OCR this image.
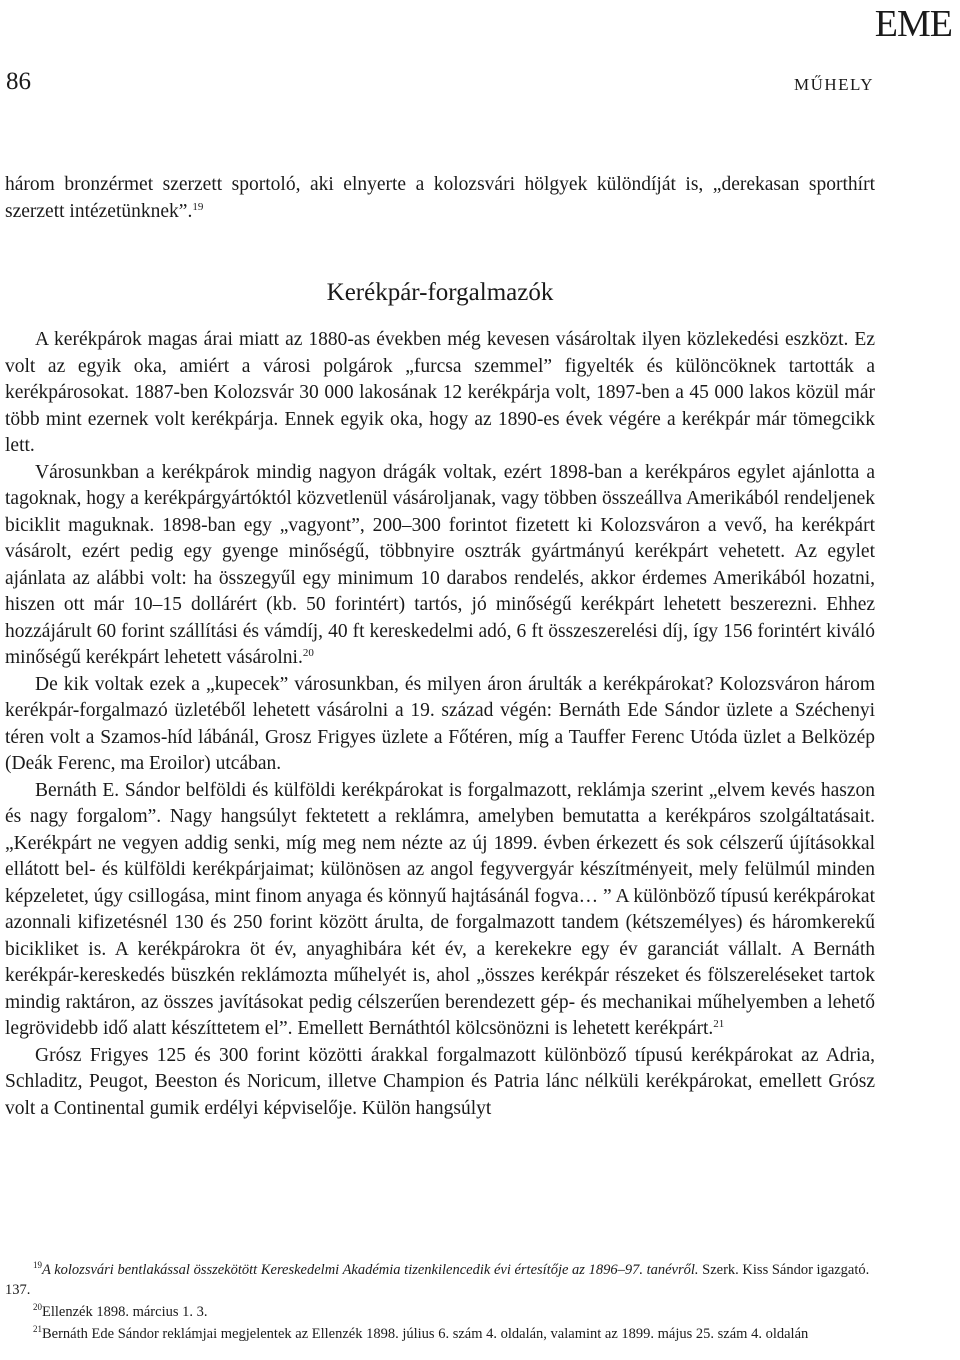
EME
86	MŰHELY

három bronzérmet szerzett sportoló, aki elnyerte a kolozsvári hölgyek különdíját is, „derekasan sporthírt szerzett intézetünknek”.$^{19}$

Kerékpár-forgalmazók

A kerékpárok magas árai miatt az 1880-as években még kevesen vásároltak ilyen közlekedési eszközt. Ez volt az egyik oka, amiért a városi polgárok „furcsa szemmel” figyelték és különcöknek tartották a kerékpárosokat. 1887-ben Kolozsvár 30 000 lakosának 12 kerékpárja volt, 1897-ben a 45 000 lakos közül már több mint ezernek volt kerékpárja. Ennek egyik oka, hogy az 1890-es évek végére a kerékpár már tömegcikk lett.

Városunkban a kerékpárok mindig nagyon drágák voltak, ezért 1898-ban a kerékpáros egylet ajánlotta a tagoknak, hogy a kerékpárgyártóktól közvetlenül vásároljanak, vagy többen összeállva Amerikából rendeljenek biciklit maguknak. 1898-ban egy „vagyont”, 200–300 forintot fizetett ki Kolozsváron a vevő, ha kerékpárt vásárolt, ezért pedig egy gyenge minőségű, többnyire osztrák gyártmányú kerékpárt vehetett. Az egylet ajánlata az alábbi volt: ha összegyűl egy minimum 10 darabos rendelés, akkor érdemes Amerikából hozatni, hiszen ott már 10–15 dollárért (kb. 50 forintért) tartós, jó minőségű kerékpárt lehetett beszerezni. Ehhez hozzájárult 60 forint szállítási és vámdíj, 40 ft kereskedelmi adó, 6 ft összeszerelési díj, így 156 forintért kiváló minőségű kerékpárt lehetett vásárolni.$^{20}$

De kik voltak ezek a „kupecek” városunkban, és milyen áron árulták a kerékpárokat? Kolozsváron három kerékpár-forgalmazó üzletéből lehetett vásárolni a 19. század végén: Bernáth Ede Sándor üzlete a Széchenyi téren volt a Szamos-híd lábánál, Grosz Frigyes üzlete a Főtéren, míg a Tauffer Ferenc Utóda üzlet a Belközép (Deák Ferenc, ma Eroilor) utcában.

Bernáth E. Sándor belföldi és külföldi kerékpárokat is forgalmazott, reklámja szerint „elvem kevés haszon és nagy forgalom”. Nagy hangsúlyt fektetett a reklámra, amelyben bemutatta a kerékpáros szolgáltatásait. „Kerékpárt ne vegyen addig senki, míg meg nem nézte az új 1899. évben érkezett és sok célszerű újításokkal ellátott bel- és külföldi kerékpárjaimat; különösen az angol fegyvergyár készítményeit, mely felülmúl minden képzeletet, úgy csillogása, mint finom anyaga és könnyű hajtásánál fogva… ” A különböző típusú kerékpárokat azonnali kifizetésnél 130 és 250 forint között árulta, de forgalmazott tandem (kétszemélyes) és háromkerekű bicikliket is. A kerékpárokra öt év, anyaghibára két év, a kerekekre egy év garanciát vállalt. A Bernáth kerékpár-kereskedés büszkén reklámozta műhelyét is, ahol „összes kerékpár részeket és fölszereléseket tartok mindig raktáron, az összes javításokat pedig célszerűen berendezett gép- és mechanikai műhelyemben a lehető legrövidebb idő alatt készíttetem el”. Emellett Bernáthtól kölcsönözni is lehetett kerékpárt.$^{21}$

Grósz Frigyes 125 és 300 forint közötti árakkal forgalmazott különböző típusú kerékpárokat az Adria, Schladitz, Peugot, Beeston és Noricum, illetve Champion és Patria lánc nélküli kerékpárokat, emellett Grósz volt a Continental gumik erdélyi képviselője. Külön hangsúlyt

$^{19}$A kolozsvári bentlakással összekötött Kereskedelmi Akadémia tizenkilencedik évi értesítője az 1896–97. tanévről. Szerk. Kiss Sándor igazgató. 137.

$^{20}$Ellenzék 1898. március 1. 3.

$^{21}$Bernáth Ede Sándor reklámjai megjelentek az Ellenzék 1898. július 6. szám 4. oldalán, valamint az 1899. május 25. szám 4. oldalán
